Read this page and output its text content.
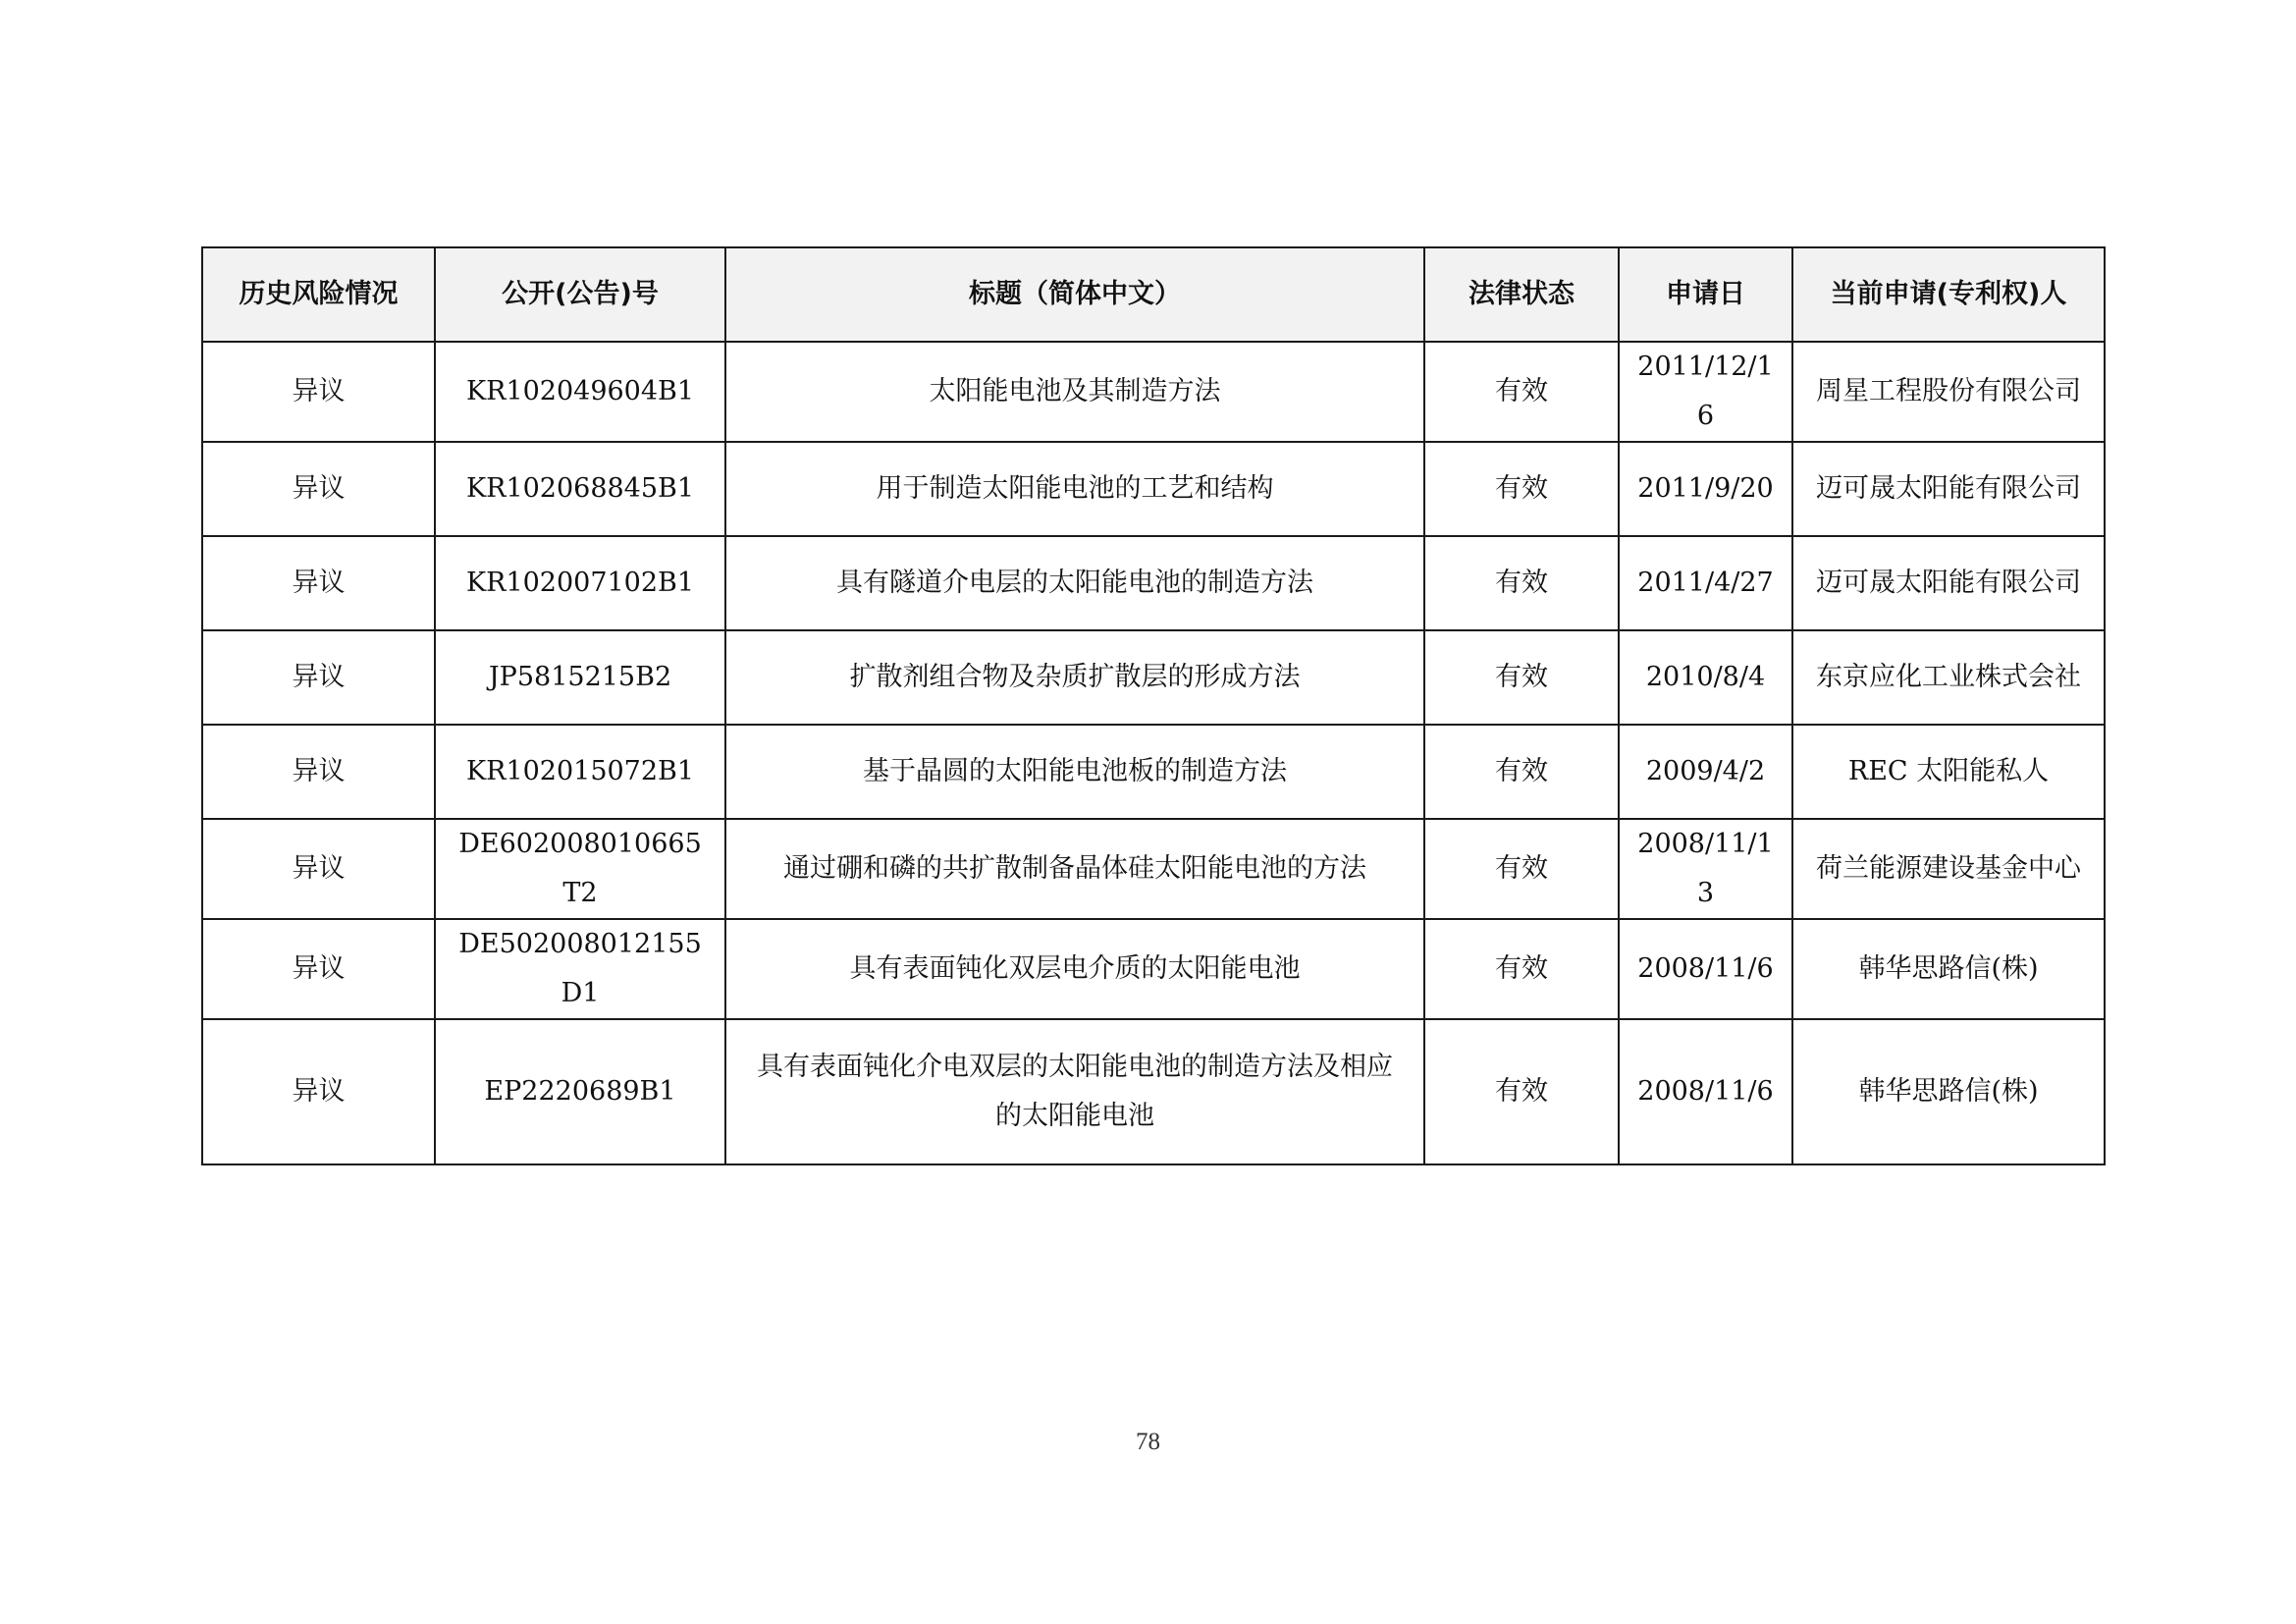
历史风险情况	公开(公告)号	标题（简体中文）	法律状态	申请日	当前申请(专利权)人
异议	KR102049604B1	太阳能电池及其制造方法	有效	2011/12/16	周星工程股份有限公司
异议	KR102068845B1	用于制造太阳能电池的工艺和结构	有效	2011/9/20	迈可晟太阳能有限公司
异议	KR102007102B1	具有隧道介电层的太阳能电池的制造方法	有效	2011/4/27	迈可晟太阳能有限公司
异议	JP5815215B2	扩散剂组合物及杂质扩散层的形成方法	有效	2010/8/4	东京应化工业株式会社
异议	KR102015072B1	基于晶圆的太阳能电池板的制造方法	有效	2009/4/2	REC 太阳能私人
异议	DE602008010665T2	通过硼和磷的共扩散制备晶体硅太阳能电池的方法	有效	2008/11/13	荷兰能源建设基金中心
异议	DE502008012155D1	具有表面钝化双层电介质的太阳能电池	有效	2008/11/6	韩华思路信(株)
异议	EP2220689B1	具有表面钝化介电双层的太阳能电池的制造方法及相应的太阳能电池	有效	2008/11/6	韩华思路信(株)
78
